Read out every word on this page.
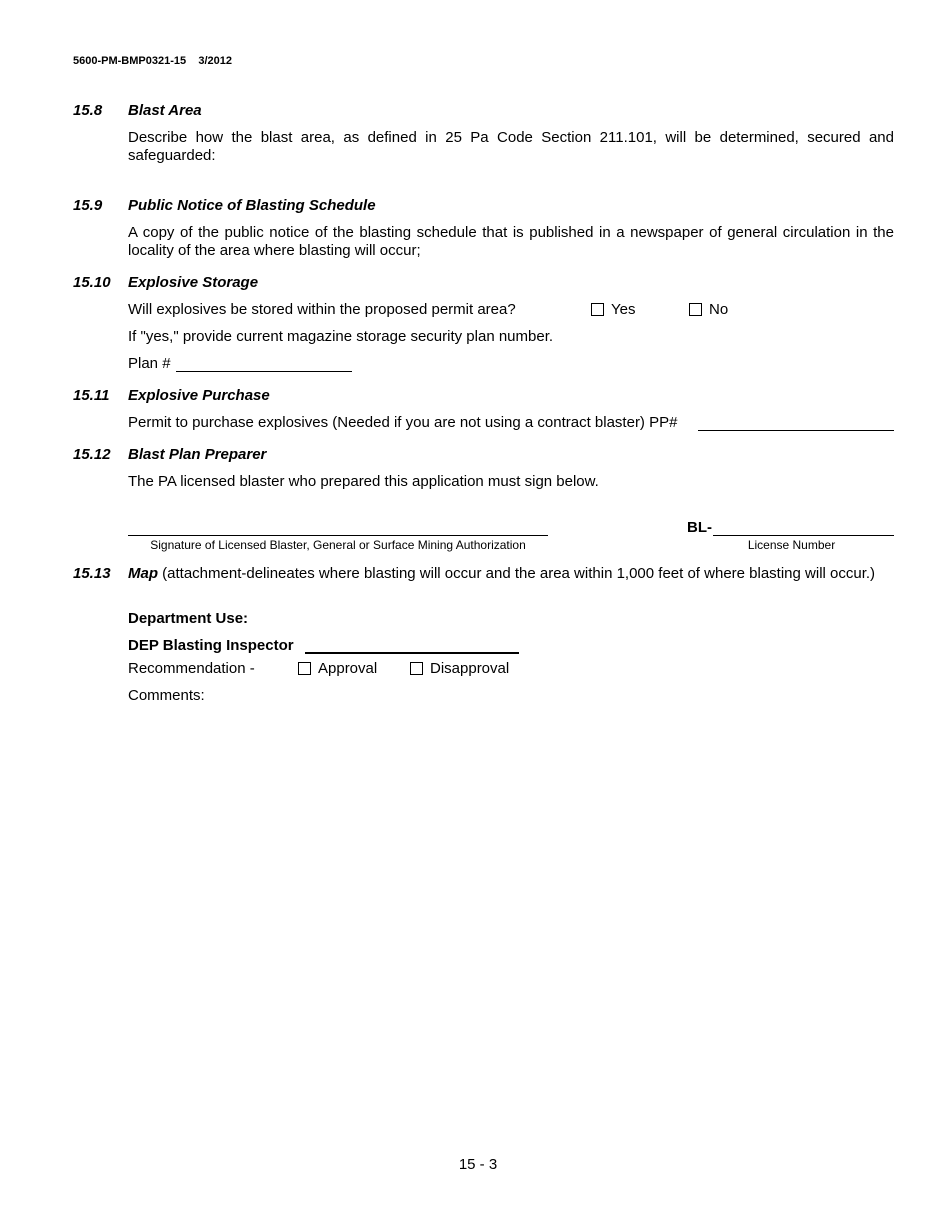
5600-PM-BMP0321-15    3/2012
15.8 Blast Area
Describe how the blast area, as defined in 25 Pa Code Section 211.101, will be determined, secured and safeguarded:
15.9 Public Notice of Blasting Schedule
A copy of the public notice of the blasting schedule that is published in a newspaper of general circulation in the locality of the area where blasting will occur;
15.10 Explosive Storage
Will explosives be stored within the proposed permit area?	Yes	No
If "yes," provide current magazine storage security plan number.
Plan #
15.11 Explosive Purchase
Permit to purchase explosives (Needed if you are not using a contract blaster) PP#
15.12 Blast Plan Preparer
The PA licensed blaster who prepared this application must sign below.
Signature of Licensed Blaster, General or Surface Mining Authorization
BL-
License Number
15.13 Map (attachment-delineates where blasting will occur and the area within 1,000 feet of where blasting will occur.)
Department Use:
DEP Blasting Inspector
Recommendation -	Approval	Disapproval
Comments:
15 - 3
